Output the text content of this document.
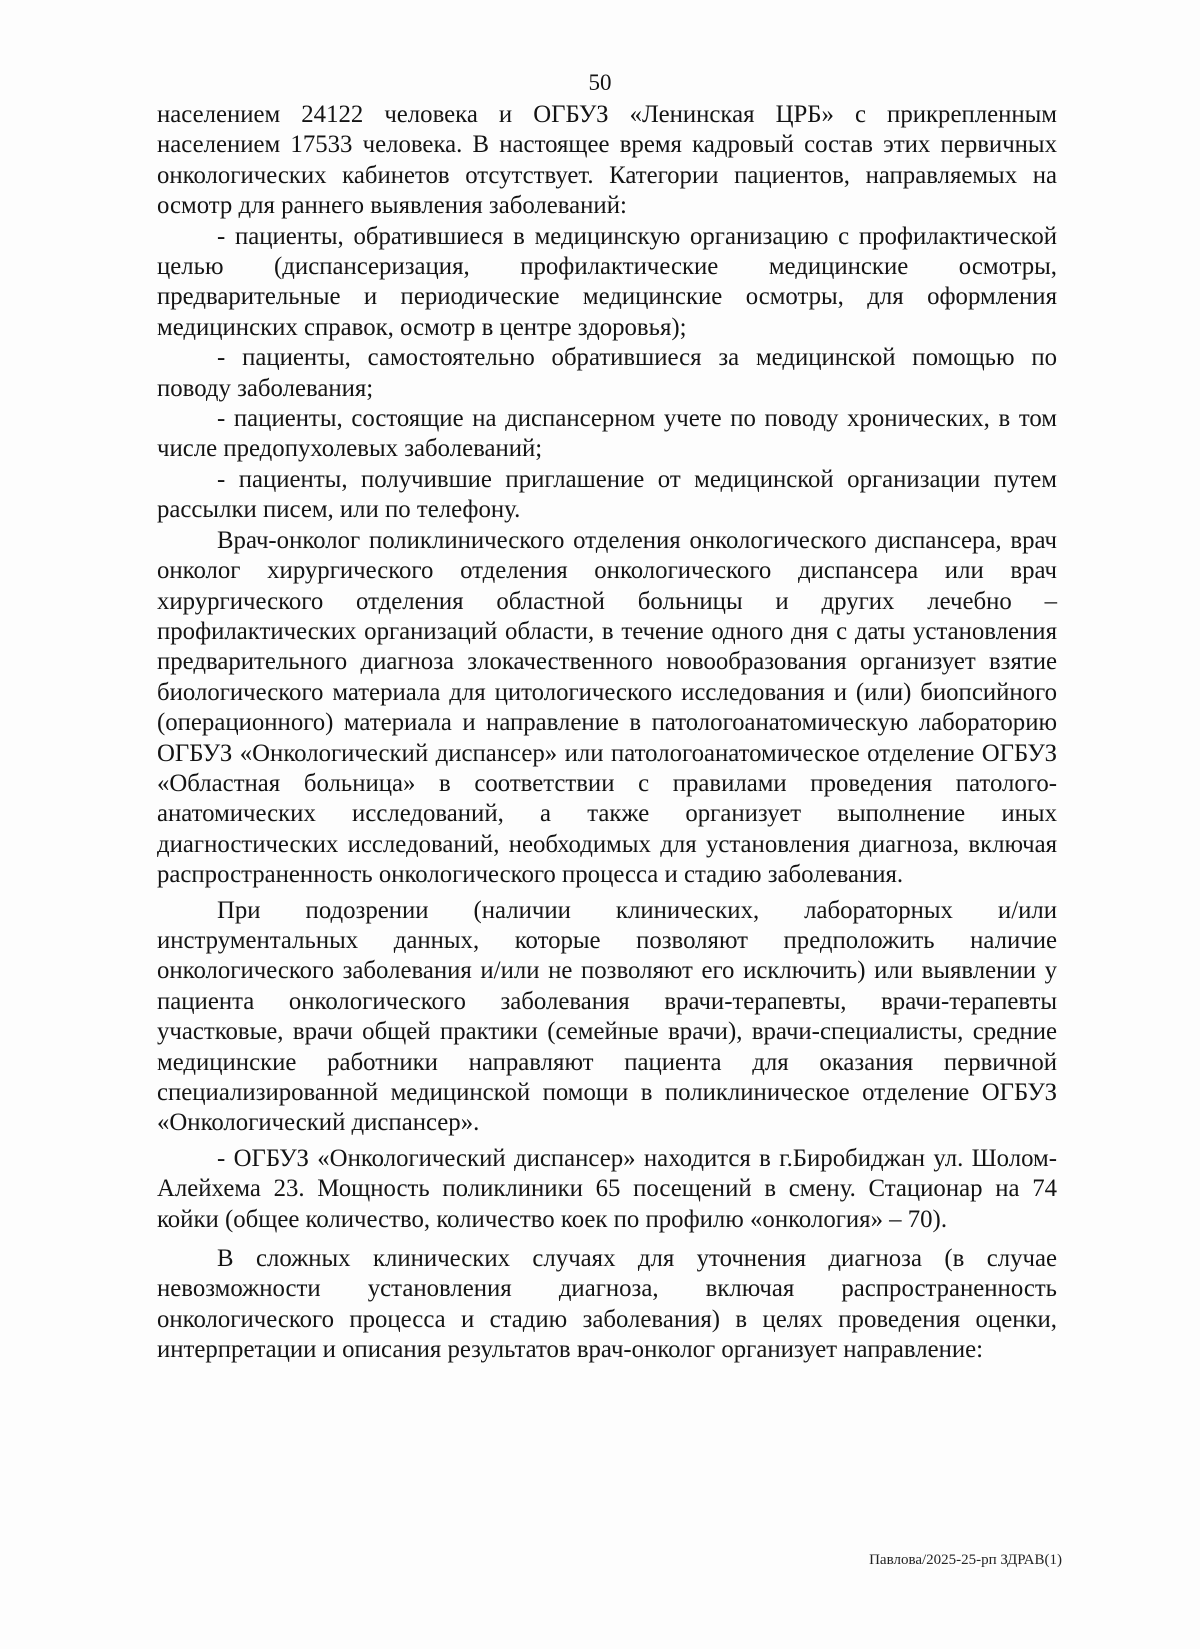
50

населением 24122 человека и ОГБУЗ «Ленинская ЦРБ» с прикрепленным населением 17533 человека. В настоящее время кадровый состав этих первичных онкологических кабинетов отсутствует. Категории пациентов, направляемых на осмотр для раннего выявления заболеваний:

- пациенты, обратившиеся в медицинскую организацию с профилактической целью (диспансеризация, профилактические медицинские осмотры, предварительные и периодические медицинские осмотры, для оформления медицинских справок, осмотр в центре здоровья);

- пациенты, самостоятельно обратившиеся за медицинской помощью по поводу заболевания;

- пациенты, состоящие на диспансерном учете по поводу хронических, в том числе предопухолевых заболеваний;

- пациенты, получившие приглашение от медицинской организации путем рассылки писем, или по телефону.

Врач-онколог поликлинического отделения онкологического диспансера, врач онколог хирургического отделения онкологического диспансера или врач хирургического отделения областной больницы и других лечебно – профилактических организаций области, в течение одного дня с даты установления предварительного диагноза злокачественного новообразования организует взятие биологического материала для цитологического исследования и (или) биопсийного (операционного) материала и направление в патологоанатомическую лабораторию ОГБУЗ «Онкологический диспансер» или патологоанатомическое отделение ОГБУЗ «Областная больница» в соответствии с правилами проведения патолого-анатомических исследований, а также организует выполнение иных диагностических исследований, необходимых для установления диагноза, включая распространенность онкологического процесса и стадию заболевания.

При подозрении (наличии клинических, лабораторных и/или инструментальных данных, которые позволяют предположить наличие онкологического заболевания и/или не позволяют его исключить) или выявлении у пациента онкологического заболевания врачи-терапевты, врачи-терапевты участковые, врачи общей практики (семейные врачи), врачи-специалисты, средние медицинские работники направляют пациента для оказания первичной специализированной медицинской помощи в поликлиническое отделение ОГБУЗ «Онкологический диспансер».

- ОГБУЗ «Онкологический диспансер» находится в г.Биробиджан ул. Шолом-Алейхема 23. Мощность поликлиники 65 посещений в смену. Стационар на 74 койки (общее количество, количество коек по профилю «онкология» – 70).

В сложных клинических случаях для уточнения диагноза (в случае невозможности установления диагноза, включая распространенность онкологического процесса и стадию заболевания) в целях проведения оценки, интерпретации и описания результатов врач-онколог организует направление:

Павлова/2025-25-рп ЗДРАВ(1)
